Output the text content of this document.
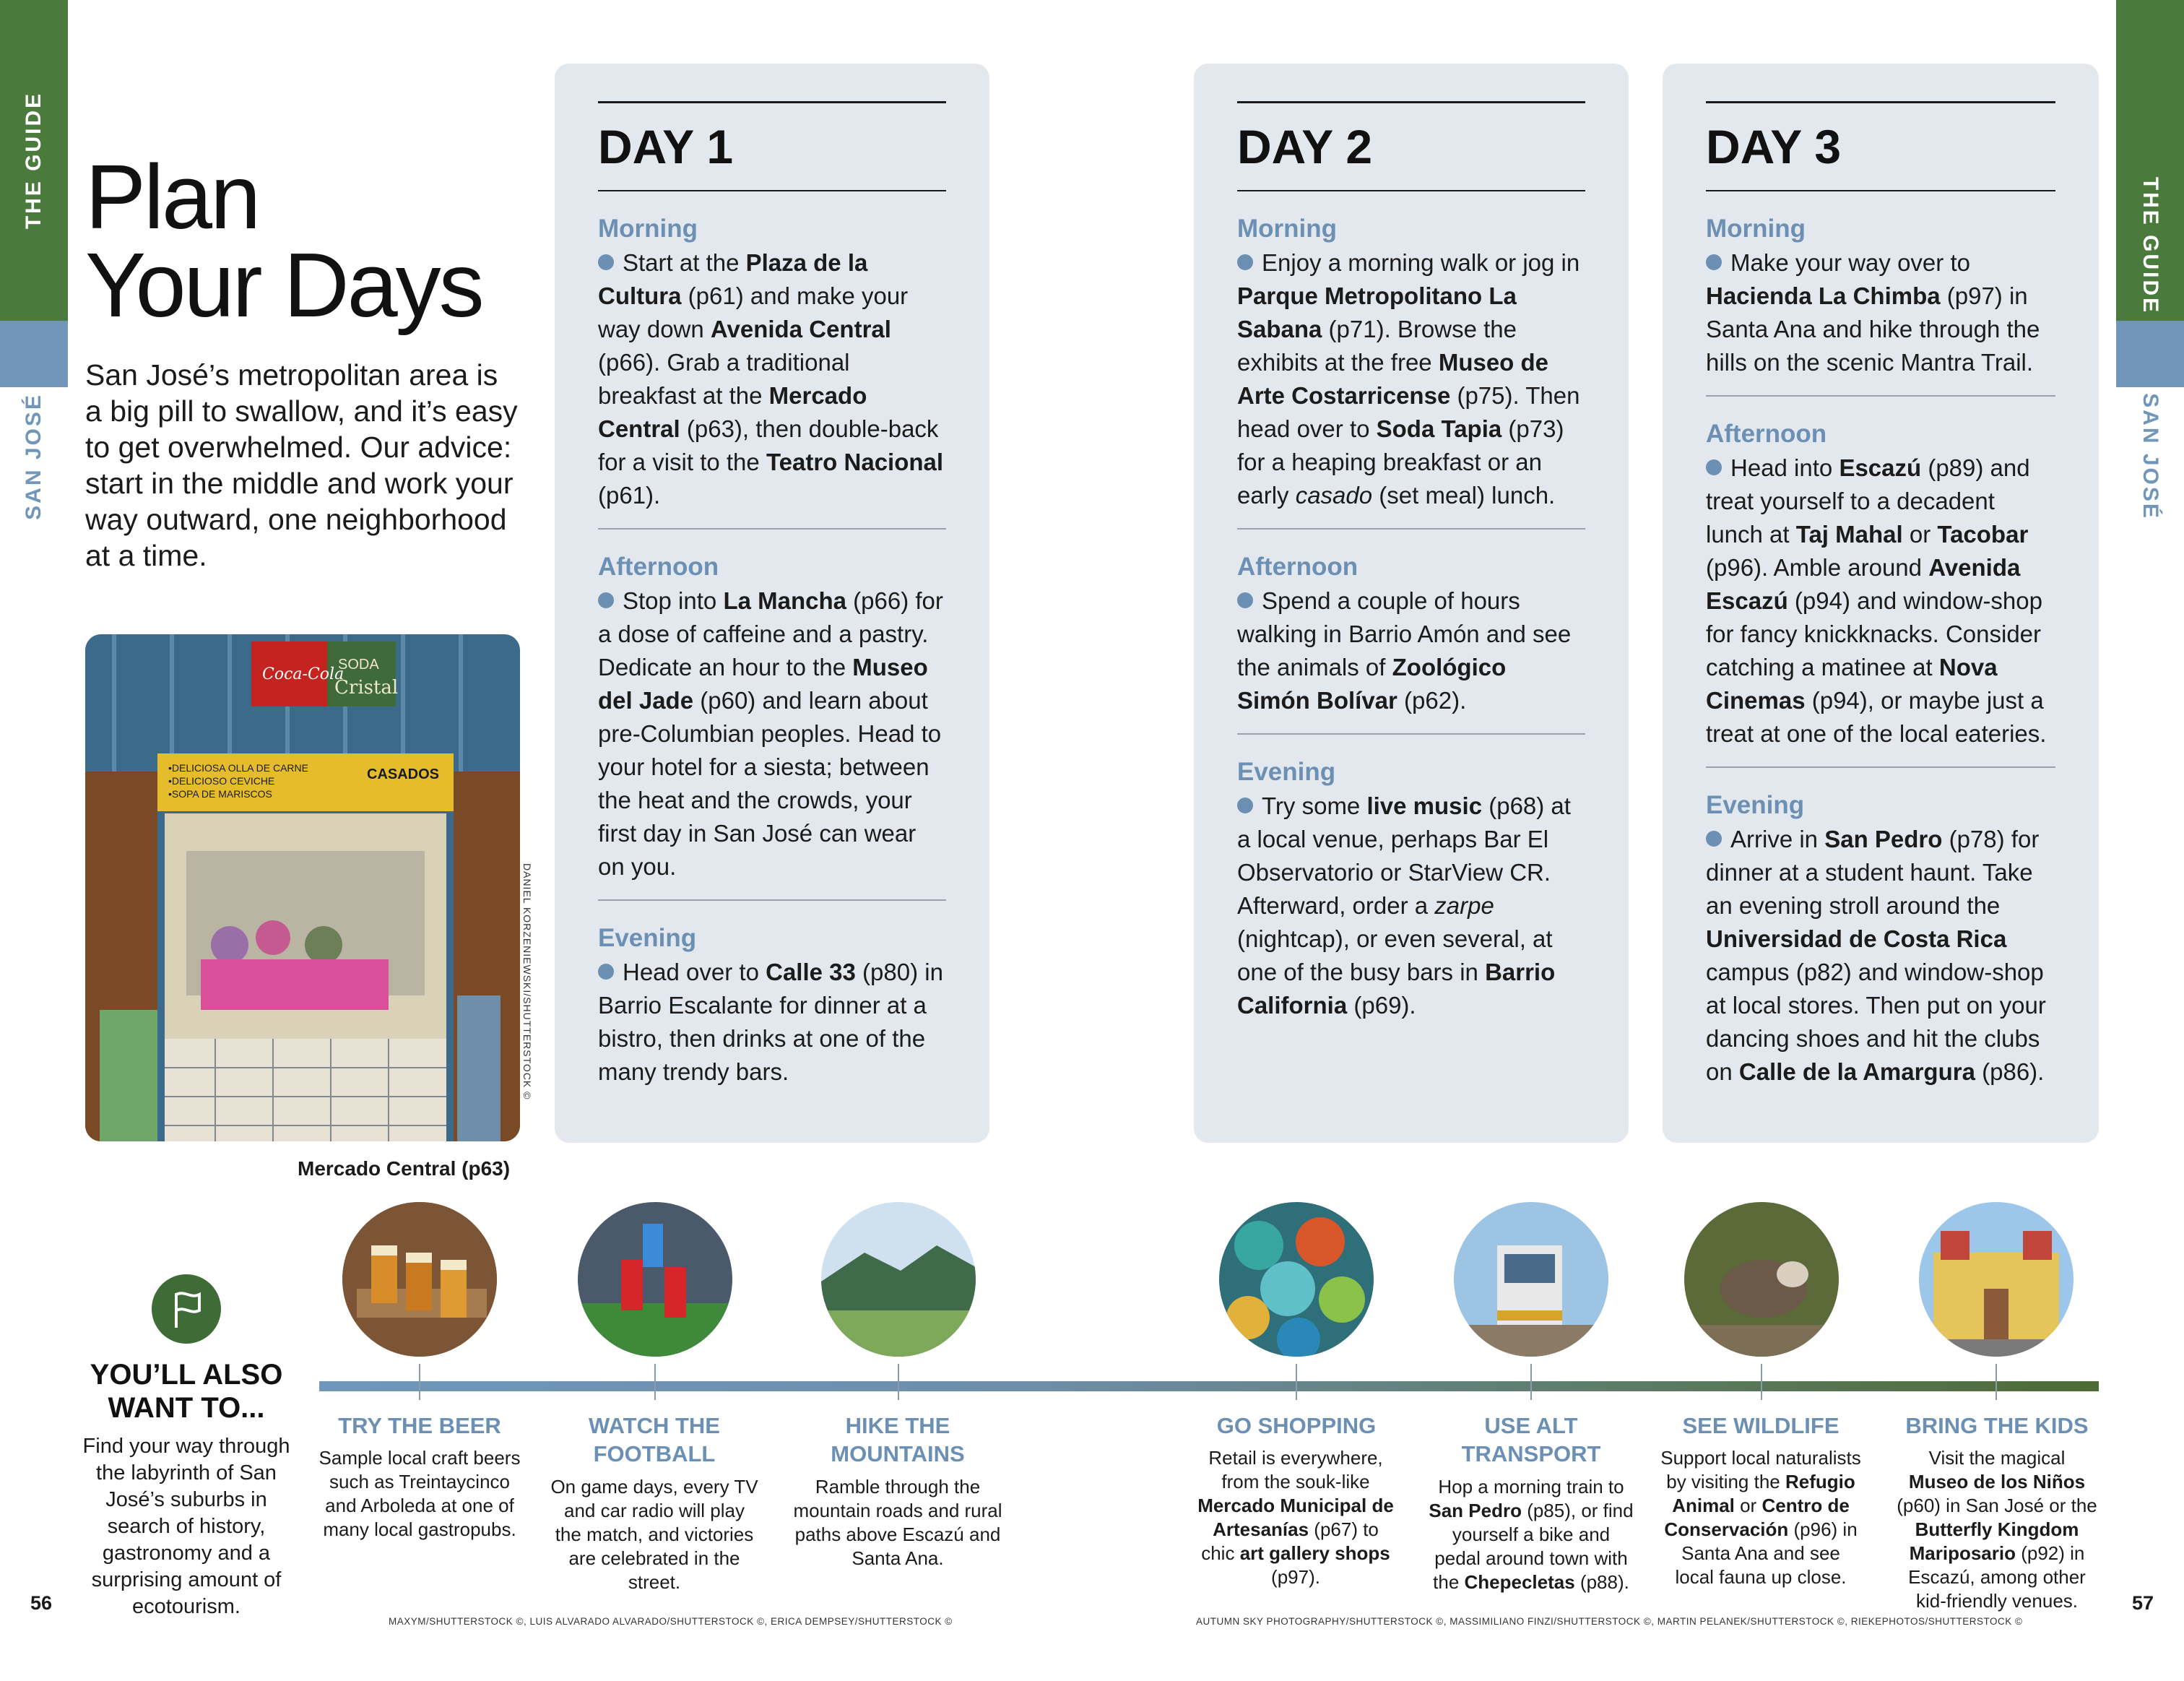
THE GUIDE
SAN JOSÉ
THE GUIDE
SAN JOSÉ
Plan
Your Days
San José’s metropolitan area is a big pill to swallow, and it’s easy to get overwhelmed. Our advice: start in the middle and work your way outward, one neighborhood at a time.
Coca-Cola
SODA
Cristal
•DELICIOSA OLLA DE CARNE
•DELICIOSO CEVICHE
•SOPA DE MARISCOS
CASADOS
DANIEL KORZENIEWSKI/SHUTTERSTOCK ©
Mercado Central (p63)
DAY 1
Morning
Start at the Plaza de la Cultura (p61) and make your way down Avenida Central (p66). Grab a traditional breakfast at the Mercado Central (p63), then double-back for a visit to the Teatro Nacional (p61).
Afternoon
Stop into La Mancha (p66) for a dose of caffeine and a pastry. Dedicate an hour to the Museo del Jade (p60) and learn about pre-Columbian peoples. Head to your hotel for a siesta; between the heat and the crowds, your first day in San José can wear on you.
Evening
Head over to Calle 33 (p80) in Barrio Escalante for dinner at a bistro, then drinks at one of the many trendy bars.
DAY 2
Morning
Enjoy a morning walk or jog in Parque Metropolitano La Sabana (p71). Browse the exhibits at the free Museo de Arte Costarricense (p75). Then head over to Soda Tapia (p73) for a heaping breakfast or an early casado (set meal) lunch.
Afternoon
Spend a couple of hours walking in Barrio Amón and see the animals of Zoológico Simón Bolívar (p62).
Evening
Try some live music (p68) at a local venue, perhaps Bar El Observatorio or StarView CR. Afterward, order a zarpe (nightcap), or even several, at one of the busy bars in Barrio California (p69).
DAY 3
Morning
Make your way over to Hacienda La Chimba (p97) in Santa Ana and hike through the hills on the scenic Mantra Trail.
Afternoon
Head into Escazú (p89) and treat yourself to a decadent lunch at Taj Mahal or Tacobar (p96). Amble around Avenida Escazú (p94) and window-shop for fancy knickknacks. Consider catching a matinee at Nova Cinemas (p94), or maybe just a treat at one of the local eateries.
Evening
Arrive in San Pedro (p78) for dinner at a student haunt. Take an evening stroll around the Universidad de Costa Rica campus (p82) and window-shop at local stores. Then put on your dancing shoes and hit the clubs on Calle de la Amargura (p86).
YOU’LL ALSO
WANT TO...
Find your way through the labyrinth of San José’s suburbs in search of history, gastronomy and a surprising amount of ecotourism.
TRY THE BEER	WATCH THE FOOTBALL
HIKE THE MOUNTAINS
GO SHOPPING	USE ALT TRANSPORT
SEE WILDLIFE	BRING THE KIDS
Sample local craft beers such as Treintaycinco and Arboleda at one of many local gastropubs.
On game days, every TV and car radio will play the match, and victories are celebrated in the street.
Ramble through the mountain roads and rural paths above Escazú and Santa Ana.
Retail is everywhere, from the souk-like Mercado Municipal de Artesanías (p67) to chic art gallery shops (p97).
Hop a morning train to San Pedro (p85), or find yourself a bike and pedal around town with the Chepecletas (p88).
Support local naturalists by visiting the Refugio Animal or Centro de Conservación (p96) in Santa Ana and see local fauna up close.
Visit the magical Museo de los Niños (p60) in San José or the Butterfly Kingdom Mariposario (p92) in Escazú, among other kid-friendly venues.
56	57
MAXYM/SHUTTERSTOCK ©, LUIS ALVARADO ALVARADO/SHUTTERSTOCK ©, ERICA DEMPSEY/SHUTTERSTOCK ©	AUTUMN SKY PHOTOGRAPHY/SHUTTERSTOCK ©, MASSIMILIANO FINZI/SHUTTERSTOCK ©, MARTIN PELANEK/SHUTTERSTOCK ©, RIEKEPHOTOS/SHUTTERSTOCK ©
